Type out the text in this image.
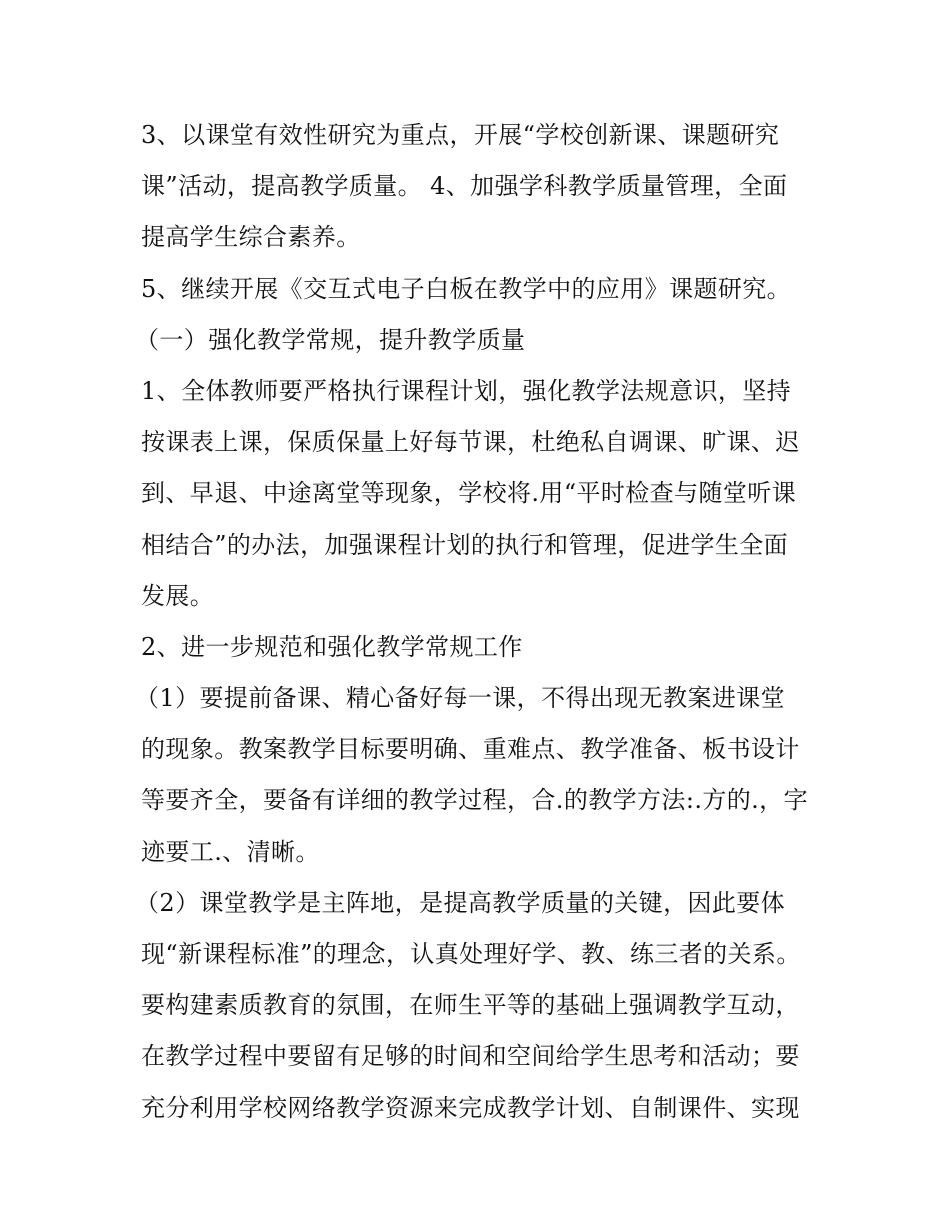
3、以课堂有效性研究为重点，开展“学校创新课、课题研究
课”活动，提高教学质量。 4、加强学科教学质量管理，全面
提高学生综合素养。
5、继续开展《交互式电子白板在教学中的应用》课题研究。
（一）强化教学常规，提升教学质量
1、全体教师要严格执行课程计划，强化教学法规意识，坚持
按课表上课，保质保量上好每节课，杜绝私自调课、旷课、迟
到、早退、中途离堂等现象，学校将.用“平时检查与随堂听课
相结合”的办法，加强课程计划的执行和管理，促进学生全面
发展。
2、进一步规范和强化教学常规工作
（1）要提前备课、精心备好每一课，不得出现无教案进课堂
的现象。教案教学目标要明确、重难点、教学准备、板书设计
等要齐全，要备有详细的教学过程，合.的教学方法:.方的.，字
迹要工.、清晰。
（2）课堂教学是主阵地，是提高教学质量的关键，因此要体
现“新课程标准”的理念，认真处理好学、教、练三者的关系。
要构建素质教育的氛围，在师生平等的基础上强调教学互动，
在教学过程中要留有足够的时间和空间给学生思考和活动；要
充分利用学校网络教学资源来完成教学计划、自制课件、实现
